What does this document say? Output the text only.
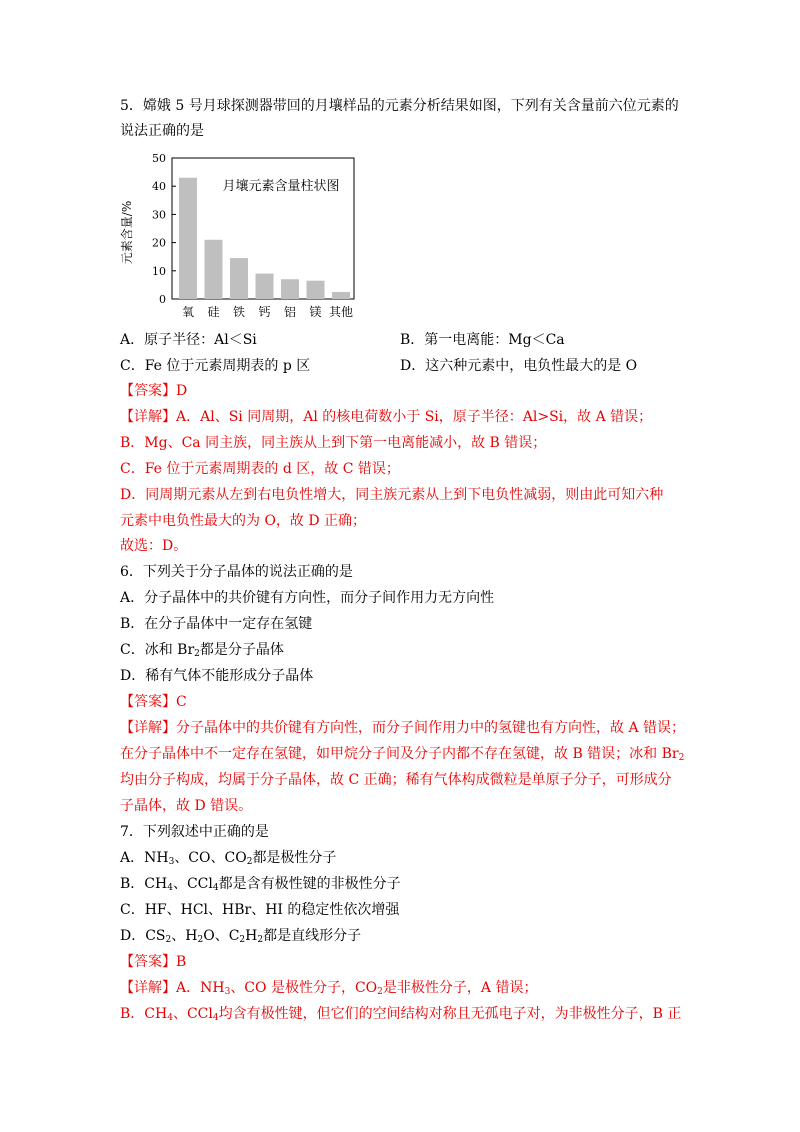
5．嫦娥 5 号月球探测器带回的月壤样品的元素分析结果如图，下列有关含量前六位元素的
说法正确的是
元素含量/%
0
10
20
30
40
50
月壤元素含量柱状图
氧 硅 铁 钙 铝 镁 其他
A．原子半径：Al＜Si	B．第一电离能：Mg＜Ca
C．Fe 位于元素周期表的 p 区	D．这六种元素中，电负性最大的是 O
【答案】D
【详解】A．Al、Si 同周期，Al 的核电荷数小于 Si，原子半径：Al>Si，故 A 错误；
B．Mg、Ca 同主族，同主族从上到下第一电离能减小，故 B 错误；
C．Fe 位于元素周期表的 d 区，故 C 错误；
D．同周期元素从左到右电负性增大，同主族元素从上到下电负性减弱，则由此可知六种
元素中电负性最大的为 O，故 D 正确；
故选：D。
6．下列关于分子晶体的说法正确的是
A．分子晶体中的共价键有方向性，而分子间作用力无方向性
B．在分子晶体中一定存在氢键
C．冰和 $Br_2$都是分子晶体
D．稀有气体不能形成分子晶体
【答案】C
【详解】分子晶体中的共价键有方向性，而分子间作用力中的氢键也有方向性，故 A 错误；
在分子晶体中不一定存在氢键，如甲烷分子间及分子内都不存在氢键，故 B 错误；冰和 $Br_2$
均由分子构成，均属于分子晶体，故 C 正确；稀有气体构成微粒是单原子分子，可形成分
子晶体，故 D 错误。
7．下列叙述中正确的是
A．$NH_3$、CO、$CO_2$都是极性分子
B．$CH_4$、CCl$_4$都是含有极性键的非极性分子
C．HF、HCl、HBr、HI 的稳定性依次增强
D．$CS_2$、$H_2O$、$C_2H_2$都是直线形分子
【答案】B
【详解】A．$NH_3$、CO 是极性分子，$CO_2$是非极性分子，A 错误；
B．$CH_4$、CCl$_4$均含有极性键，但它们的空间结构对称且无孤电子对，为非极性分子，B 正
